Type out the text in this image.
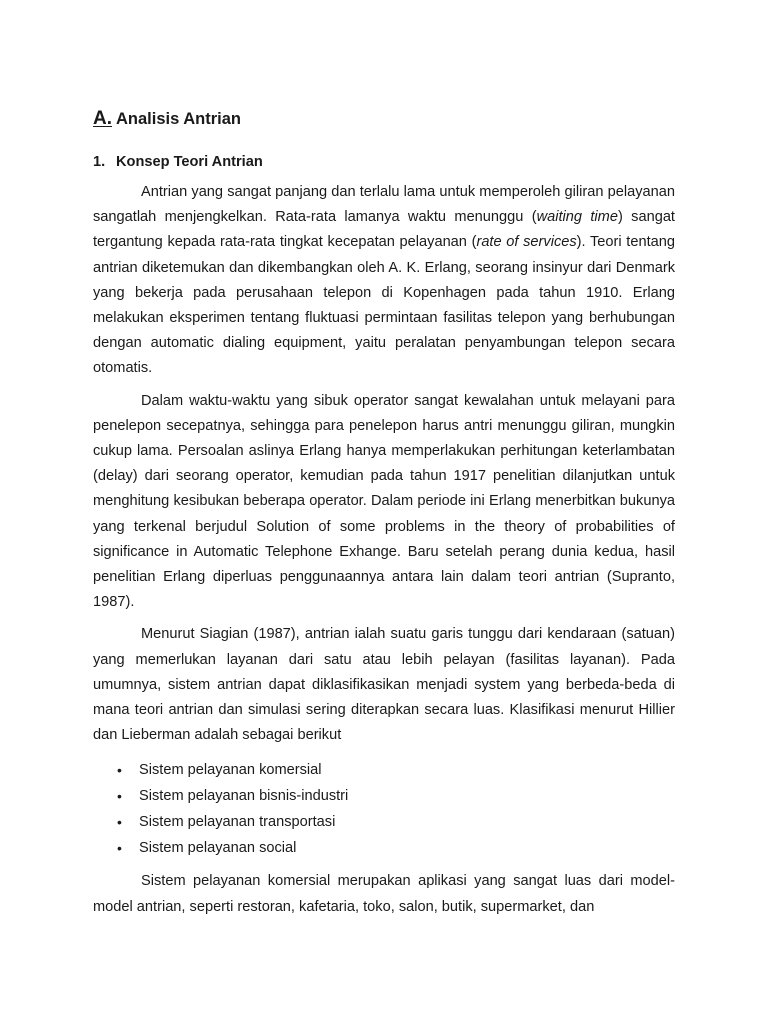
A. Analisis Antrian
1. Konsep Teori Antrian

Antrian yang sangat panjang dan terlalu lama untuk memperoleh giliran pelayanan sangatlah menjengkelkan. Rata-rata lamanya waktu menunggu (waiting time) sangat tergantung kepada rata-rata tingkat kecepatan pelayanan (rate of services). Teori tentang antrian diketemukan dan dikembangkan oleh A. K. Erlang, seorang insinyur dari Denmark yang bekerja pada perusahaan telepon di Kopenhagen pada tahun 1910. Erlang melakukan eksperimen tentang fluktuasi permintaan fasilitas telepon yang berhubungan dengan automatic dialing equipment, yaitu peralatan penyambungan telepon secara otomatis.

Dalam waktu-waktu yang sibuk operator sangat kewalahan untuk melayani para penelepon secepatnya, sehingga para penelepon harus antri menunggu giliran, mungkin cukup lama. Persoalan aslinya Erlang hanya memperlakukan perhitungan keterlambatan (delay) dari seorang operator, kemudian pada tahun 1917 penelitian dilanjutkan untuk menghitung kesibukan beberapa operator. Dalam periode ini Erlang menerbitkan bukunya yang terkenal berjudul Solution of some problems in the theory of probabilities of significance in Automatic Telephone Exhange. Baru setelah perang dunia kedua, hasil penelitian Erlang diperluas penggunaannya antara lain dalam teori antrian (Supranto, 1987).

Menurut Siagian (1987), antrian ialah suatu garis tunggu dari kendaraan (satuan) yang memerlukan layanan dari satu atau lebih pelayan (fasilitas layanan). Pada umumnya, sistem antrian dapat diklasifikasikan menjadi system yang berbeda-beda di mana teori antrian dan simulasi sering diterapkan secara luas. Klasifikasi menurut Hillier dan Lieberman adalah sebagai berikut

• Sistem pelayanan komersial
• Sistem pelayanan bisnis-industri
• Sistem pelayanan transportasi
• Sistem pelayanan social

Sistem pelayanan komersial merupakan aplikasi yang sangat luas dari model-model antrian, seperti restoran, kafetaria, toko, salon, butik, supermarket, dan
